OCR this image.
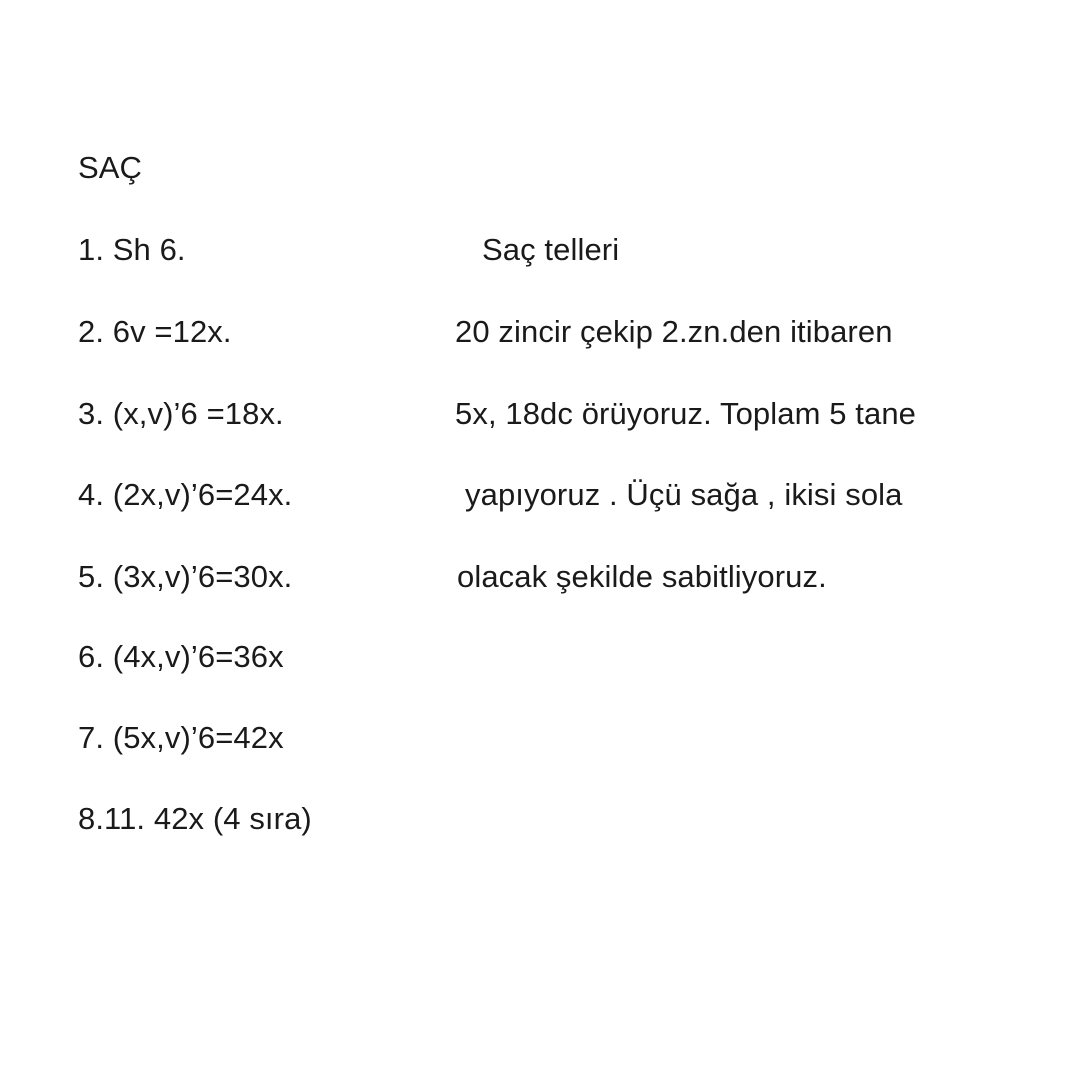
SAÇ
1. Sh 6.
2. 6v =12x.
3. (x,v)’6 =18x.
4. (2x,v)’6=24x.
5. (3x,v)’6=30x.
6. (4x,v)’6=36x
7. (5x,v)’6=42x
8.11. 42x (4 sıra)
Saç telleri
20 zincir çekip 2.zn.den itibaren
5x, 18dc örüyoruz. Toplam 5 tane
yapıyoruz . Üçü sağa , ikisi sola
olacak şekilde sabitliyoruz.
